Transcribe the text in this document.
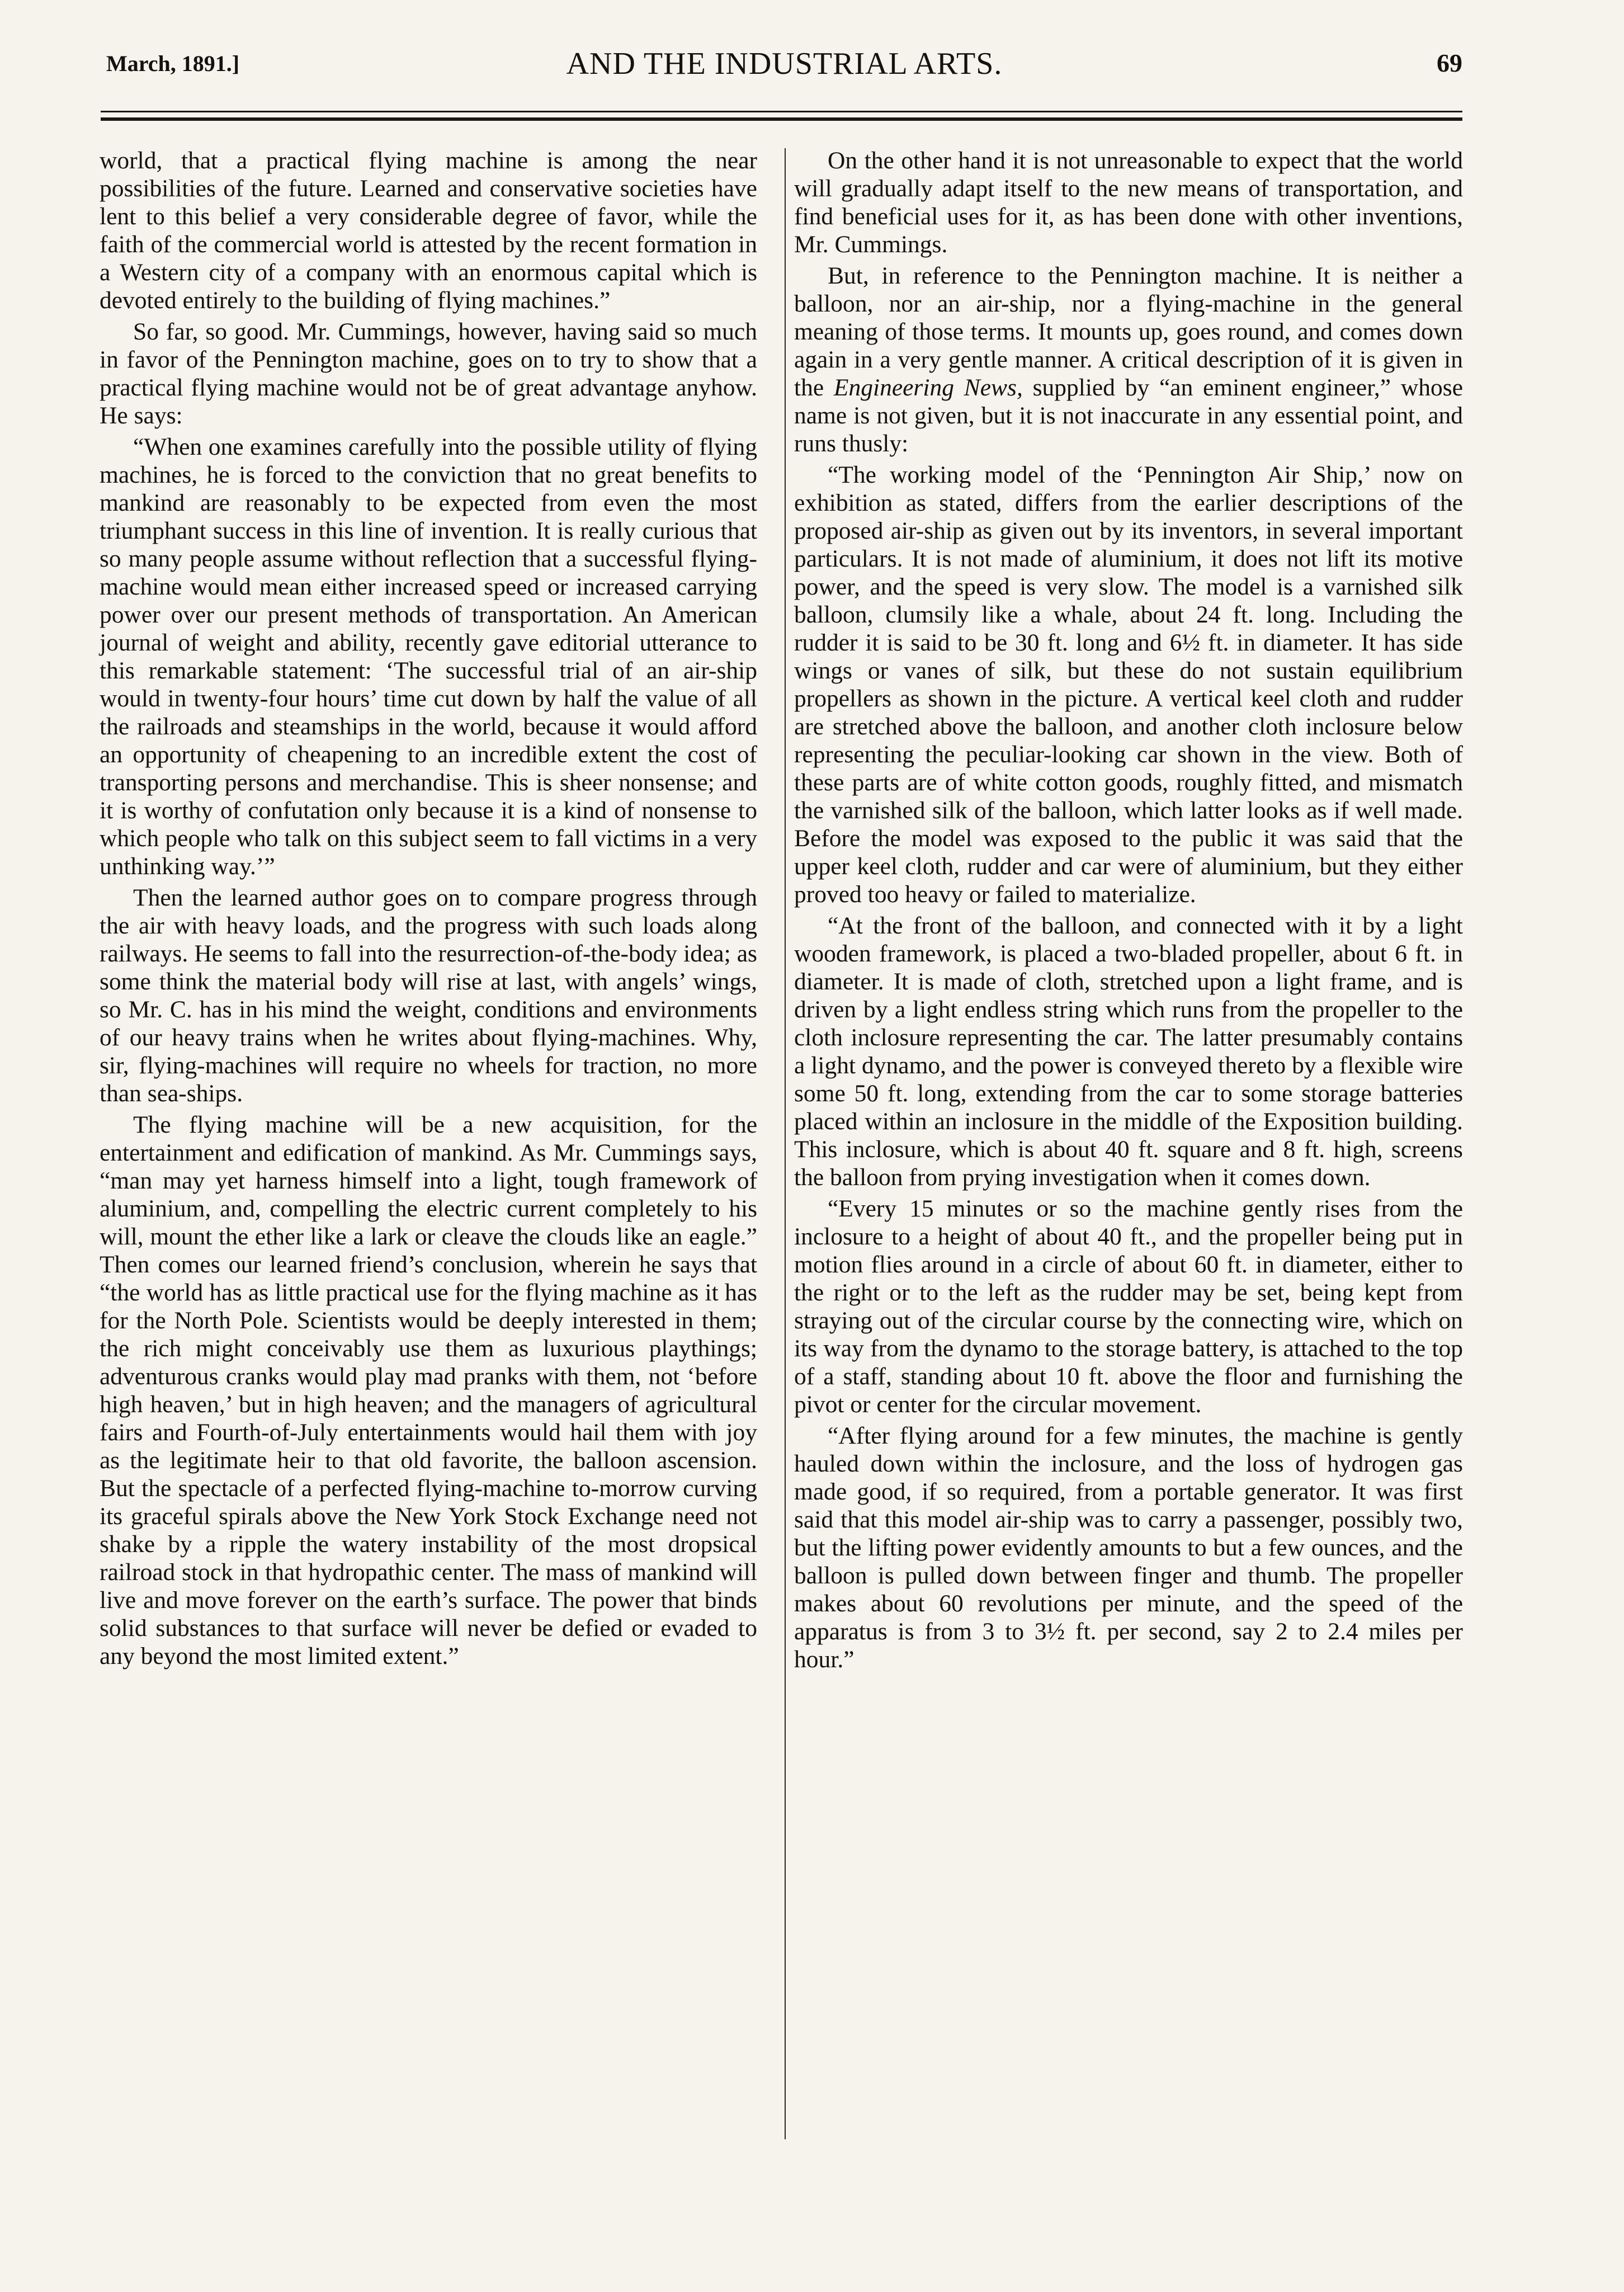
March, 1891.]	AND THE INDUSTRIAL ARTS.	69

world, that a practical flying machine is among the near possibilities of the future. Learned and conservative societies have lent to this belief a very considerable degree of favor, while the faith of the commercial world is attested by the recent formation in a Western city of a company with an enormous capital which is devoted entirely to the building of flying machines.”

So far, so good. Mr. Cummings, however, having said so much in favor of the Pennington machine, goes on to try to show that a practical flying machine would not be of great advantage anyhow. He says:

“When one examines carefully into the possible utility of flying machines, he is forced to the conviction that no great benefits to mankind are reasonably to be expected from even the most triumphant success in this line of invention. It is really curious that so many people assume without reflection that a successful flying-machine would mean either increased speed or increased carrying power over our present methods of transportation. An American journal of weight and ability, recently gave editorial utterance to this remarkable statement: ‘The successful trial of an air-ship would in twenty-four hours’ time cut down by half the value of all the railroads and steamships in the world, because it would afford an opportunity of cheapening to an incredible extent the cost of transporting persons and merchandise. This is sheer nonsense; and it is worthy of confutation only because it is a kind of nonsense to which people who talk on this subject seem to fall victims in a very unthinking way.’”

Then the learned author goes on to compare progress through the air with heavy loads, and the progress with such loads along railways. He seems to fall into the resurrection-of-the-body idea; as some think the material body will rise at last, with angels’ wings, so Mr. C. has in his mind the weight, conditions and environments of our heavy trains when he writes about flying-machines. Why, sir, flying-machines will require no wheels for traction, no more than sea-ships.

The flying machine will be a new acquisition, for the entertainment and edification of mankind. As Mr. Cummings says, “man may yet harness himself into a light, tough framework of aluminium, and, compelling the electric current completely to his will, mount the ether like a lark or cleave the clouds like an eagle.” Then comes our learned friend’s conclusion, wherein he says that “the world has as little practical use for the flying machine as it has for the North Pole. Scientists would be deeply interested in them; the rich might conceivably use them as luxurious playthings; adventurous cranks would play mad pranks with them, not ‘before high heaven,’ but in high heaven; and the managers of agricultural fairs and Fourth-of-July entertainments would hail them with joy as the legitimate heir to that old favorite, the balloon ascension. But the spectacle of a perfected flying-machine to-morrow curving its graceful spirals above the New York Stock Exchange need not shake by a ripple the watery instability of the most dropsical railroad stock in that hydropathic center. The mass of mankind will live and move forever on the earth’s surface. The power that binds solid substances to that surface will never be defied or evaded to any beyond the most limited extent.”

On the other hand it is not unreasonable to expect that the world will gradually adapt itself to the new means of transportation, and find beneficial uses for it, as has been done with other inventions, Mr. Cummings.

But, in reference to the Pennington machine. It is neither a balloon, nor an air-ship, nor a flying-machine in the general meaning of those terms. It mounts up, goes round, and comes down again in a very gentle manner. A critical description of it is given in the Engineering News, supplied by “an eminent engineer,” whose name is not given, but it is not inaccurate in any essential point, and runs thusly:

“The working model of the ‘Pennington Air Ship,’ now on exhibition as stated, differs from the earlier descriptions of the proposed air-ship as given out by its inventors, in several important particulars. It is not made of aluminium, it does not lift its motive power, and the speed is very slow. The model is a varnished silk balloon, clumsily like a whale, about 24 ft. long. Including the rudder it is said to be 30 ft. long and 6½ ft. in diameter. It has side wings or vanes of silk, but these do not sustain equilibrium propellers as shown in the picture. A vertical keel cloth and rudder are stretched above the balloon, and another cloth inclosure below representing the peculiar-looking car shown in the view. Both of these parts are of white cotton goods, roughly fitted, and mismatch the varnished silk of the balloon, which latter looks as if well made. Before the model was exposed to the public it was said that the upper keel cloth, rudder and car were of aluminium, but they either proved too heavy or failed to materialize.

“At the front of the balloon, and connected with it by a light wooden framework, is placed a two-bladed propeller, about 6 ft. in diameter. It is made of cloth, stretched upon a light frame, and is driven by a light endless string which runs from the propeller to the cloth inclosure representing the car. The latter presumably contains a light dynamo, and the power is conveyed thereto by a flexible wire some 50 ft. long, extending from the car to some storage batteries placed within an inclosure in the middle of the Exposition building. This inclosure, which is about 40 ft. square and 8 ft. high, screens the balloon from prying investigation when it comes down.

“Every 15 minutes or so the machine gently rises from the inclosure to a height of about 40 ft., and the propeller being put in motion flies around in a circle of about 60 ft. in diameter, either to the right or to the left as the rudder may be set, being kept from straying out of the circular course by the connecting wire, which on its way from the dynamo to the storage battery, is attached to the top of a staff, standing about 10 ft. above the floor and furnishing the pivot or center for the circular movement.

“After flying around for a few minutes, the machine is gently hauled down within the inclosure, and the loss of hydrogen gas made good, if so required, from a portable generator. It was first said that this model air-ship was to carry a passenger, possibly two, but the lifting power evidently amounts to but a few ounces, and the balloon is pulled down between finger and thumb. The propeller makes about 60 revolutions per minute, and the speed of the apparatus is from 3 to 3½ ft. per second, say 2 to 2.4 miles per hour.”
